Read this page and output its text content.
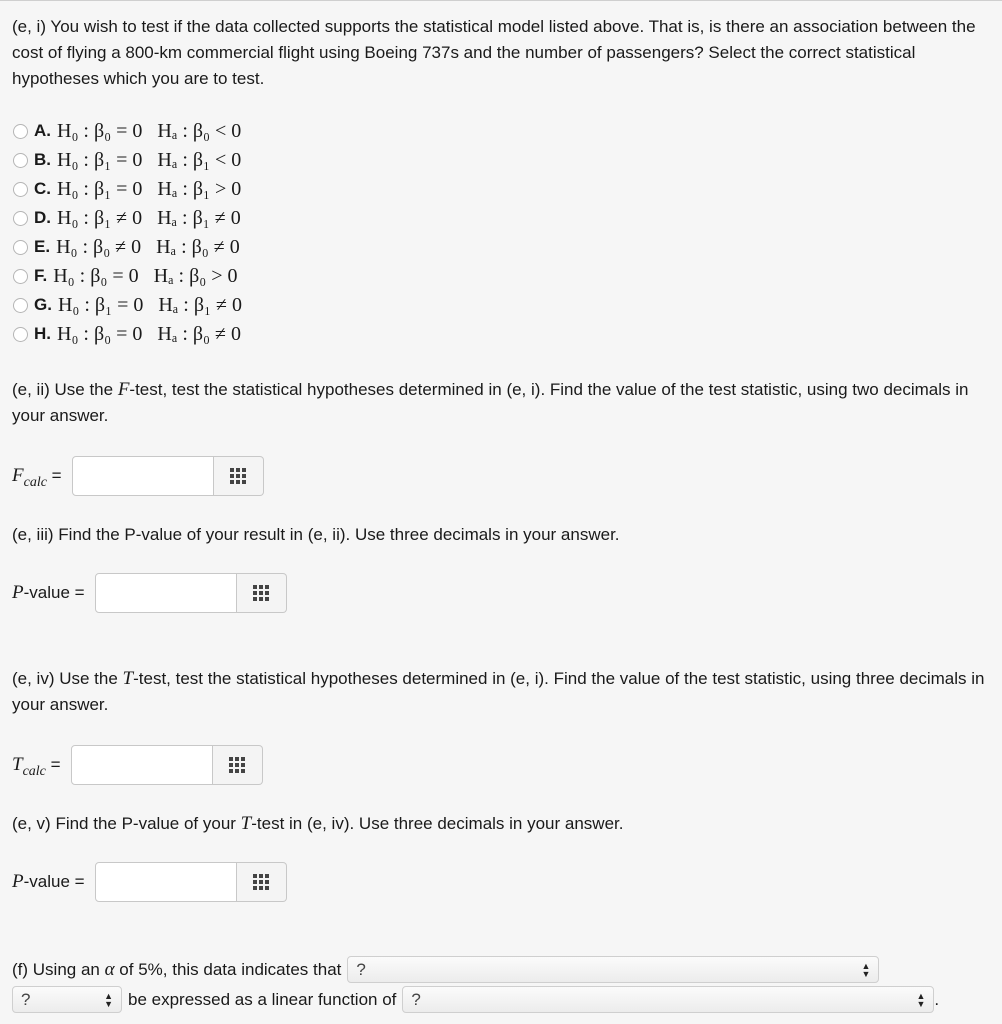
(e, i) You wish to test if the data collected supports the statistical model listed above. That is, is there an association between the cost of flying a 800-km commercial flight using Boeing 737s and the number of passengers? Select the correct statistical hypotheses which you are to test.

A. H₀ : β₀ = 0   Hₐ : β₀ < 0
B. H₀ : β₁ = 0   Hₐ : β₁ < 0
C. H₀ : β₁ = 0   Hₐ : β₁ > 0
D. H₀ : β₁ ≠ 0   Hₐ : β₁ ≠ 0
E. H₀ : β₀ ≠ 0   Hₐ : β₀ ≠ 0
F. H₀ : β₀ = 0   Hₐ : β₀ > 0
G. H₀ : β₁ = 0   Hₐ : β₁ ≠ 0
H. H₀ : β₀ = 0   Hₐ : β₀ ≠ 0

(e, ii) Use the F-test, test the statistical hypotheses determined in (e, i). Find the value of the test statistic, using two decimals in your answer.

$F_{calc}$ =

(e, iii) Find the P-value of your result in (e, ii). Use three decimals in your answer.

P-value =

(e, iv) Use the T-test, test the statistical hypotheses determined in (e, i). Find the value of the test statistic, using three decimals in your answer.

$T_{calc}$ =

(e, v) Find the P-value of your T-test in (e, iv). Use three decimals in your answer.

P-value =
(f) Using an α of 5%, this data indicates that ?	▲
▼
?	▲
▼ be expressed as a linear function of ?	▲
▼ .
